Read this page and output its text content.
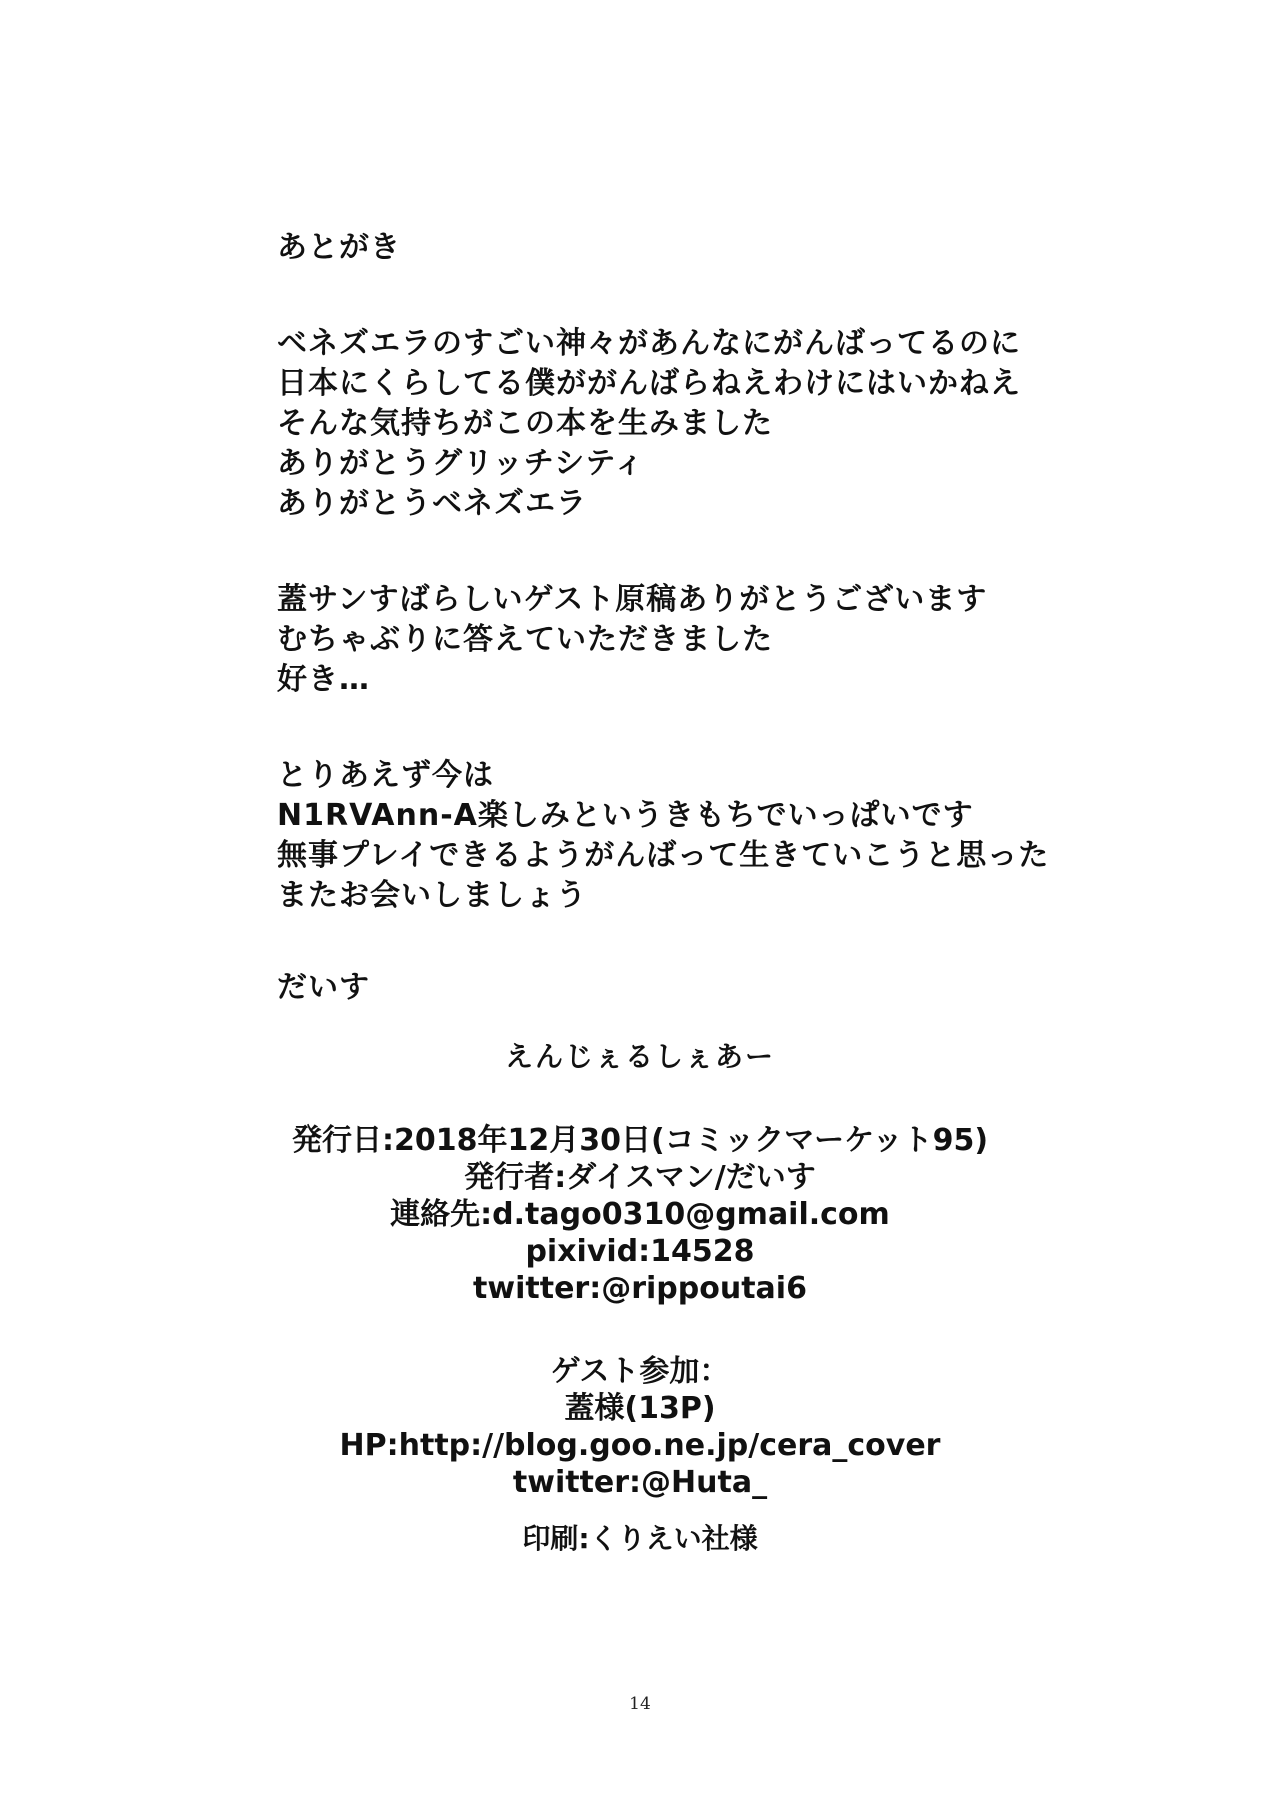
あとがき
ベネズエラのすごい神々があんなにがんばってるのに
日本にくらしてる僕ががんばらねえわけにはいかねえ
そんな気持ちがこの本を生みました
ありがとうグリッチシティ
ありがとうベネズエラ
蓋サンすばらしいゲスト原稿ありがとうございます
むちゃぶりに答えていただきました
好き…
とりあえず今は
N1RVAnn-A楽しみというきもちでいっぱいです
無事プレイできるようがんばって生きていこうと思った
またお会いしましょう
だいす
えんじぇるしぇあー
発行日:2018年12月30日(コミックマーケット95)
発行者:ダイスマン/だいす
連絡先:d.tago0310@gmail.com
pixivid:14528
twitter:@rippoutai6
ゲスト参加：
蓋様(13P)
HP:http://blog.goo.ne.jp/cera_cover
twitter:@Huta_
印刷:くりえい社様
14
